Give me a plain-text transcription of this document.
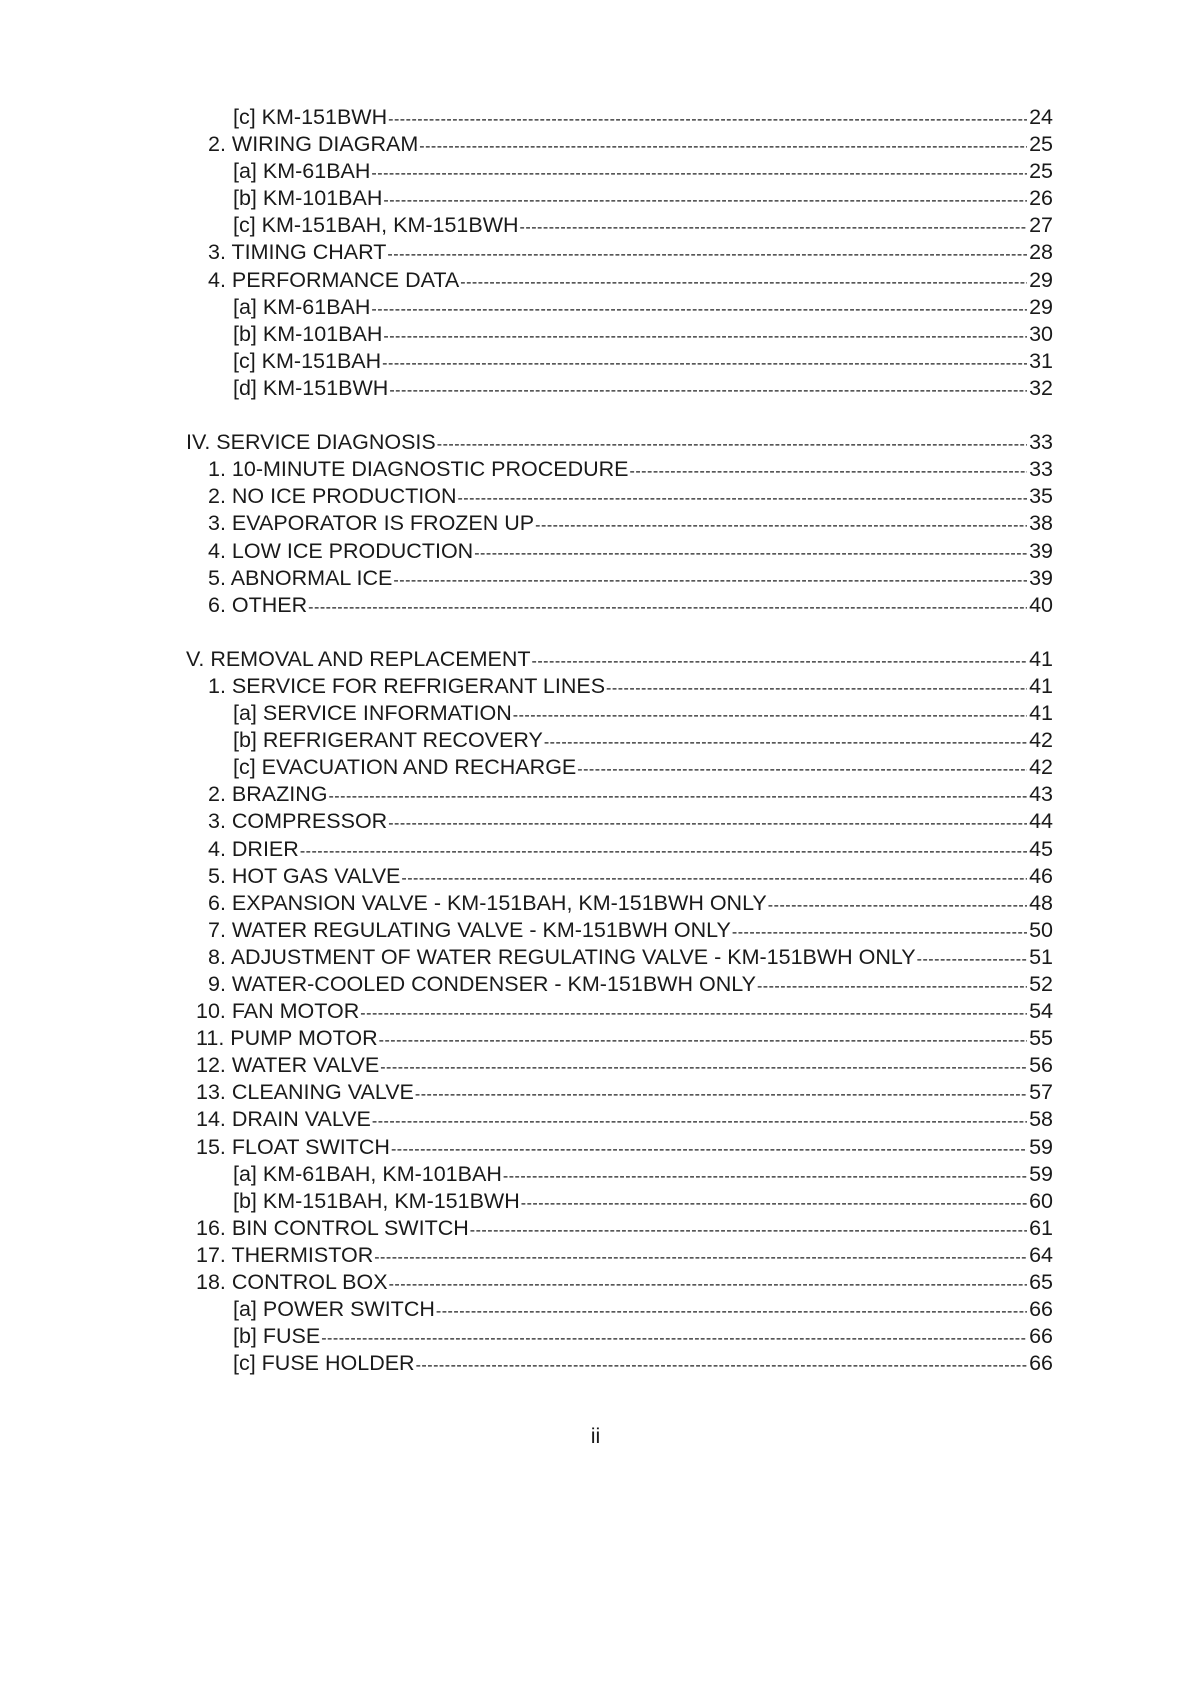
[c] KM-151BWH -----	24
2. WIRING DIAGRAM -----	25
[a] KM-61BAH -----	25
[b] KM-101BAH -----	26
[c] KM-151BAH, KM-151BWH -----	27
3. TIMING CHART -----	28
4. PERFORMANCE DATA -----	29
[a] KM-61BAH -----	29
[b] KM-101BAH -----	30
[c] KM-151BAH -----	31
[d] KM-151BWH -----	32
IV. SERVICE DIAGNOSIS -----	33
1. 10-MINUTE DIAGNOSTIC PROCEDURE -----	33
2. NO ICE PRODUCTION -----	35
3. EVAPORATOR IS FROZEN UP -----	38
4. LOW ICE PRODUCTION -----	39
5. ABNORMAL ICE -----	39
6. OTHER -----	40
V. REMOVAL AND REPLACEMENT -----	41
1. SERVICE FOR REFRIGERANT LINES -----	41
[a] SERVICE INFORMATION -----	41
[b] REFRIGERANT RECOVERY -----	42
[c] EVACUATION AND RECHARGE -----	42
2. BRAZING -----	43
3. COMPRESSOR -----	44
4. DRIER -----	45
5. HOT GAS VALVE -----	46
6. EXPANSION VALVE - KM-151BAH, KM-151BWH ONLY -----	48
7. WATER REGULATING VALVE - KM-151BWH ONLY -----	50
8. ADJUSTMENT OF WATER REGULATING VALVE - KM-151BWH ONLY -----	51
9. WATER-COOLED CONDENSER - KM-151BWH ONLY -----	52
10. FAN MOTOR -----	54
11. PUMP MOTOR -----	55
12. WATER VALVE -----	56
13. CLEANING VALVE -----	57
14. DRAIN VALVE -----	58
15. FLOAT SWITCH -----	59
[a] KM-61BAH, KM-101BAH -----	59
[b] KM-151BAH, KM-151BWH -----	60
16. BIN CONTROL SWITCH -----	61
17. THERMISTOR -----	64
18. CONTROL BOX -----	65
[a] POWER SWITCH -----	66
[b] FUSE -----	66
[c] FUSE HOLDER -----	66
ii
